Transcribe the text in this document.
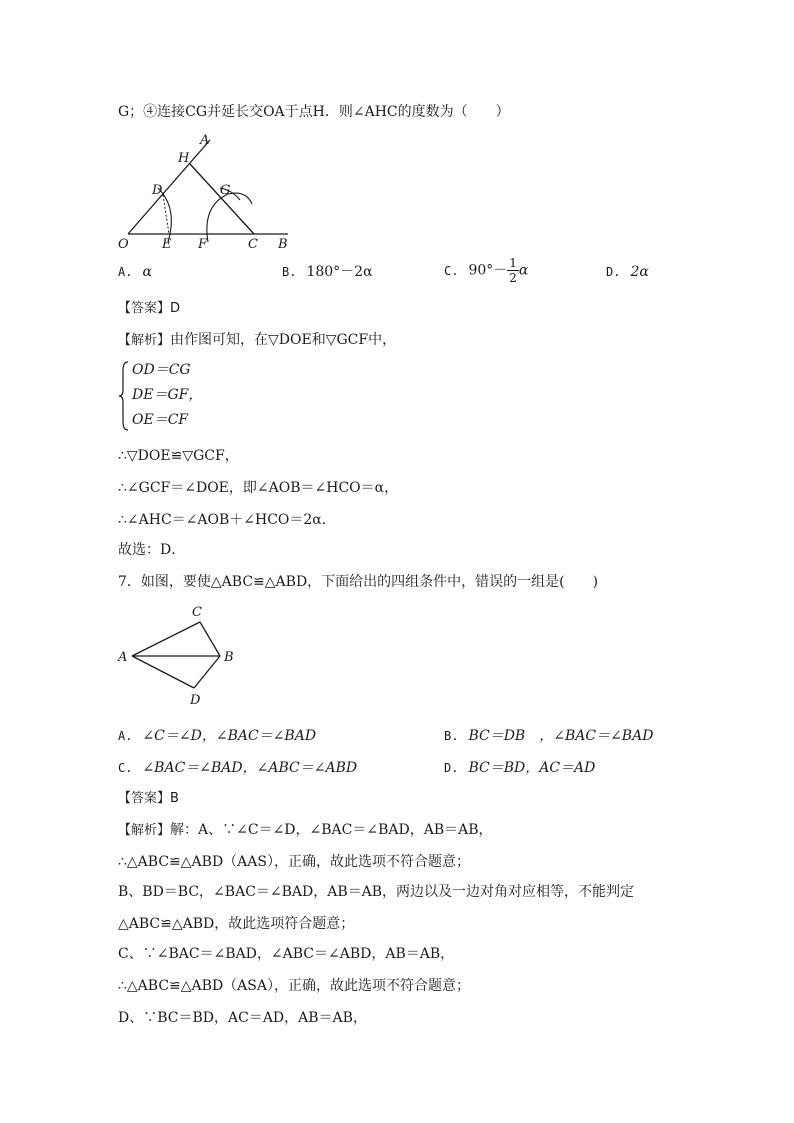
G；④连接CG并延长交OA于点H．则∠AHC的度数为（　　）
A
H
D	G
O	E F	C B
A. α	B. 180°－2α	C. $90^\circ- \frac{1}{2}$ α	D. 2α
【答案】D
【解析】由作图可知，在▽DOE和▽GCF中，
OD＝CG
DE＝GF，
OE＝CF
∴▽DOE≌▽GCF，
∴∠GCF＝∠DOE，即∠AOB＝∠HCO＝α，
∴∠AHC＝∠AOB＋∠HCO＝2α．
故选：D．
7．如图，要使△ABC≌△ABD，下面给出的四组条件中，错误的一组是(　　)
C
A	B
D
A. ∠C＝∠D，∠BAC＝∠BAD	B. BC＝DB　，∠BAC＝∠BAD
C. ∠BAC＝∠BAD，∠ABC＝∠ABD	D. BC＝BD，AC＝AD
【答案】B
【解析】解：A、∵∠C＝∠D，∠BAC＝∠BAD，AB＝AB，
∴△ABC≌△ABD（AAS），正确，故此选项不符合题意；
B、BD＝BC，∠BAC＝∠BAD，AB＝AB，两边以及一边对角对应相等，不能判定
△ABC≌△ABD，故此选项符合题意；
C、∵∠BAC＝∠BAD，∠ABC＝∠ABD，AB＝AB，
∴△ABC≌△ABD（ASA），正确，故此选项不符合题意；
D、∵BC＝BD，AC＝AD，AB＝AB，
